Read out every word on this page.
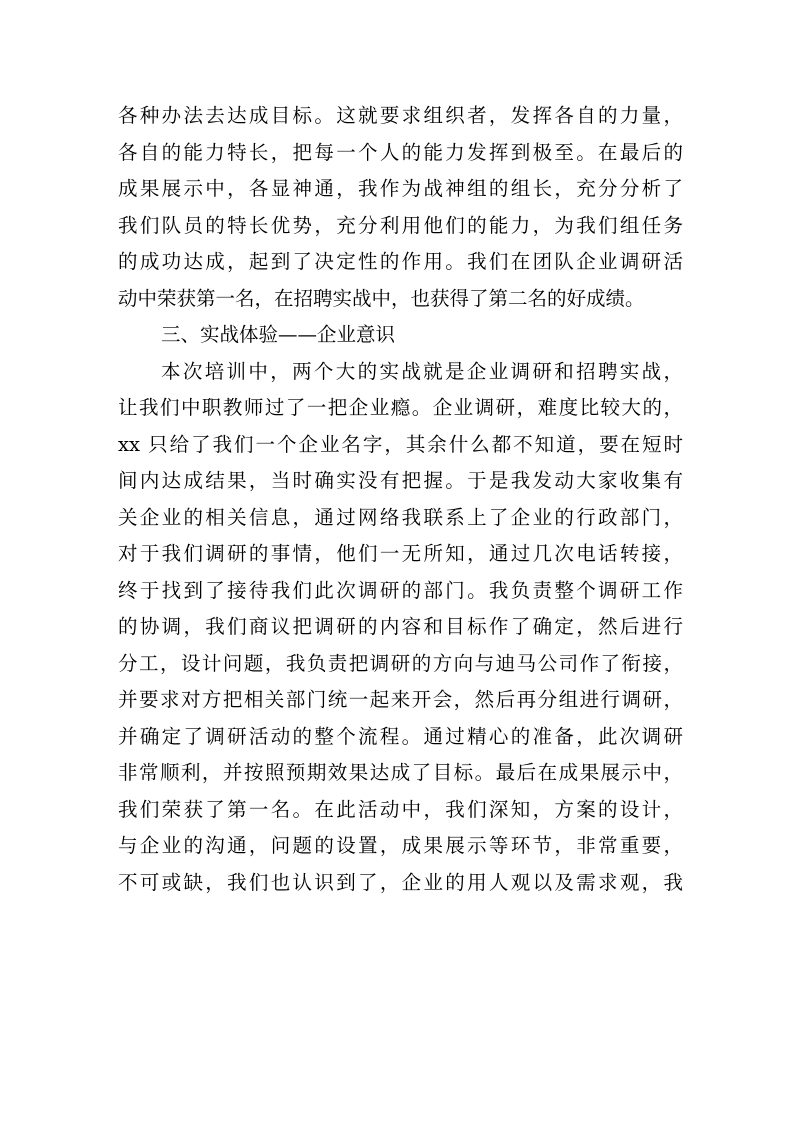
各种办法去达成目标。这就要求组织者，发挥各自的力量，
各自的能力特长，把每一个人的能力发挥到极至。在最后的
成果展示中，各显神通，我作为战神组的组长，充分分析了
我们队员的特长优势，充分利用他们的能力，为我们组任务
的成功达成，起到了决定性的作用。我们在团队企业调研活
动中荣获第一名，在招聘实战中，也获得了第二名的好成绩。
三、实战体验——企业意识
本次培训中，两个大的实战就是企业调研和招聘实战，
让我们中职教师过了一把企业瘾。企业调研，难度比较大的，
xx 只给了我们一个企业名字，其余什么都不知道，要在短时
间内达成结果，当时确实没有把握。于是我发动大家收集有
关企业的相关信息，通过网络我联系上了企业的行政部门，
对于我们调研的事情，他们一无所知，通过几次电话转接，
终于找到了接待我们此次调研的部门。我负责整个调研工作
的协调，我们商议把调研的内容和目标作了确定，然后进行
分工，设计问题，我负责把调研的方向与迪马公司作了衔接，
并要求对方把相关部门统一起来开会，然后再分组进行调研，
并确定了调研活动的整个流程。通过精心的准备，此次调研
非常顺利，并按照预期效果达成了目标。最后在成果展示中，
我们荣获了第一名。在此活动中，我们深知，方案的设计，
与企业的沟通，问题的设置，成果展示等环节，非常重要，
不可或缺，我们也认识到了，企业的用人观以及需求观，我
